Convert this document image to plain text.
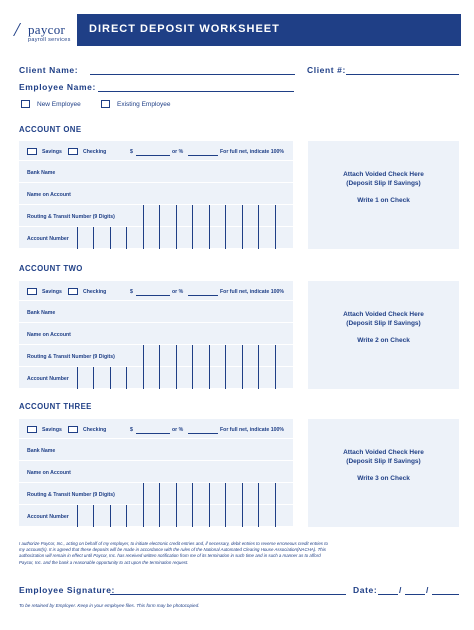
/ paycor
payroll services
DIRECT DEPOSIT WORKSHEET
Client Name:	Client #:
Employee Name:
New Employee	Existing Employee
ACCOUNT ONE
Savings	Checking	$	or %	For full net, indicate 100%
Bank Name
Name on Account
Routing & Transit Number (9 Digits)
Account Number
Attach Voided Check Here
(Deposit Slip If Savings)
Write 1 on Check
ACCOUNT TWO
Savings	Checking	$	or %	For full net, indicate 100%
Bank Name
Name on Account
Routing & Transit Number (9 Digits)
Account Number
Attach Voided Check Here
(Deposit Slip If Savings)
Write 2 on Check
ACCOUNT THREE
Savings	Checking	$	or %	For full net, indicate 100%
Bank Name
Name on Account
Routing & Transit Number (9 Digits)
Account Number
Attach Voided Check Here
(Deposit Slip If Savings)
Write 3 on Check
I authorize Paycor, Inc., acting on behalf of my employer, to initiate electronic credit entries and, if necessary, debit entries to reverse erroneous credit entries to
my account(s). It is agreed that these deposits will be made in accordance with the rules of the National Automated Clearing House Association(NACHA). This
authorization will remain in effect until Paycor, Inc. has received written notification from me of its termination in such time and in such a manner as to afford
Paycor, Inc. and the bank a reasonable opportunity to act upon the termination request.
Employee Signature:	Date:	/	/
To be retained by Employer. Keep in your employee files. This form may be photocopied.
